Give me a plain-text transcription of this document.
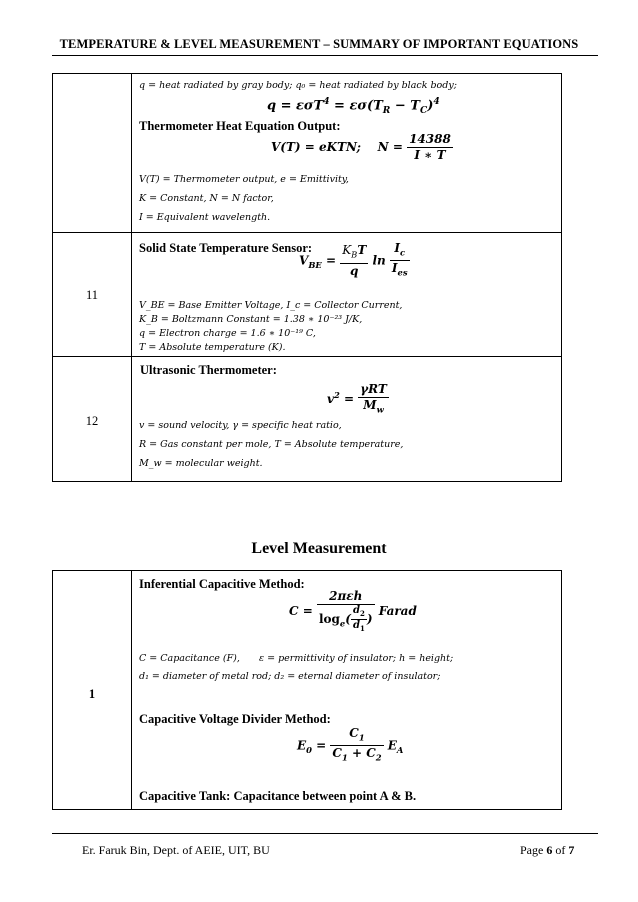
TEMPERATURE & LEVEL MEASUREMENT – SUMMARY OF IMPORTANT EQUATIONS
q = heat radiated by gray body; q₀ = heat radiated by black body;
$q = \varepsilon\sigma T^4 = \varepsilon\sigma(T_R - T_C)^4$
Thermometer Heat Equation Output:
V(T) = eKTN;    $N = \frac{14388}{I ∗ T}$
V(T) = Thermometer output, e = Emittivity,
K = Constant, N = N factor,
I = Equivalent wavelength.
11
Solid State Temperature Sensor:
$V_{BE} = \frac{K_BT}{q}$ $\ln \frac{I_c}{I_{es}}$
V_BE = Base Emitter Voltage, I_c = Collector Current,
K_B = Boltzmann Constant = 1.38 ∗ 10⁻²³ J/K,
q = Electron charge = 1.6 ∗ 10⁻¹⁹ C,
T = Absolute temperature (K).
12
Ultrasonic Thermometer:
$v^2 = \frac{\text{γRT}}{M_w}$
v = sound velocity, γ = specific heat ratio,
R = Gas constant per mole, T = Absolute temperature,
M_w = molecular weight.
Level Measurement
1
Inferential Capacitive Method:
$C = \frac{\text{2πεh}}{\log_e( \frac{d_2}{d_1} )}$ Farad
C = Capacitance (F), ε = permittivity of insulator; h = height;
d₁ = diameter of metal rod; d₂ = eternal diameter of insulator;
Capacitive Voltage Divider Method:
$E_0 = \frac{C_1}{C_1 + C_2} E_A$
Capacitive Tank: Capacitance between point A & B.
Er. Faruk Bin, Dept. of AEIE, UIT, BU	Page 6 of 7
